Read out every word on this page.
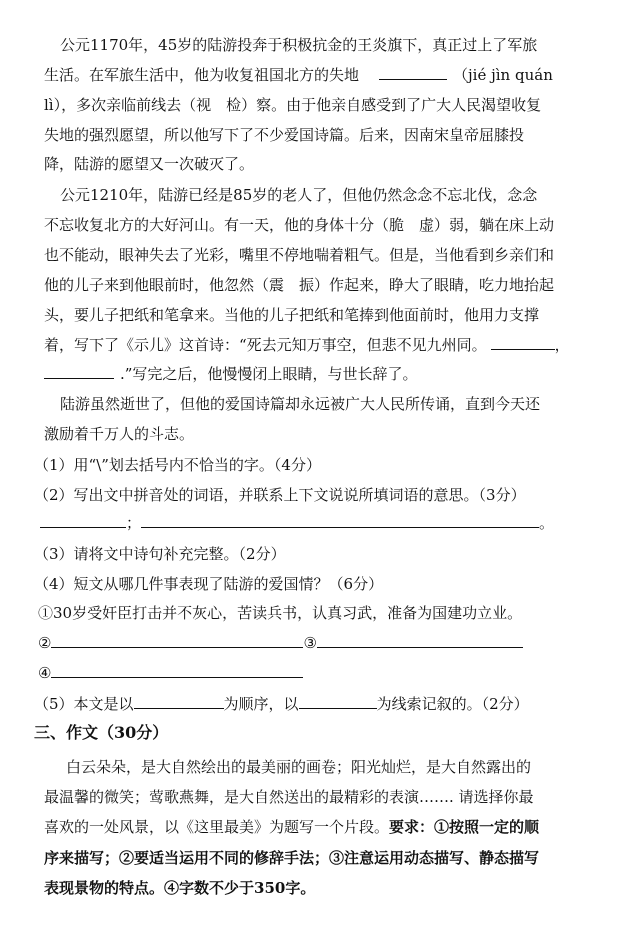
公元1170年，45岁的陆游投奔于积极抗金的王炎旗下，真正过上了军旅
生活。在军旅生活中，他为收复祖国北方的失地	（jié jìn quán
lì），多次亲临前线去（视　检）察。由于他亲自感受到了广大人民渴望收复
失地的强烈愿望，所以他写下了不少爱国诗篇。后来，因南宋皇帝屈膝投
降，陆游的愿望又一次破灭了。
公元1210年，陆游已经是85岁的老人了，但他仍然念念不忘北伐，念念
不忘收复北方的大好河山。有一天，他的身体十分（脆　虚）弱，躺在床上动
也不能动，眼神失去了光彩，嘴里不停地喘着粗气。但是，当他看到乡亲们和
他的儿子来到他眼前时，他忽然（震　振）作起来，睁大了眼睛，吃力地抬起
头，要儿子把纸和笔拿来。当他的儿子把纸和笔捧到他面前时，他用力支撑
着，写下了《示儿》这首诗：“死去元知万事空，但悲不见九州同。	，
.”写完之后，他慢慢闭上眼睛，与世长辞了。
陆游虽然逝世了，但他的爱国诗篇却永远被广大人民所传诵，直到今天还
激励着千万人的斗志。
（1）用“\”划去括号内不恰当的字。（4分）
（2）写出文中拼音处的词语，并联系上下文说说所填词语的意思。（3分）
；	。
（3）请将文中诗句补充完整。（2分）
（4）短文从哪几件事表现了陆游的爱国情？（6分）
①30岁受奸臣打击并不灰心，苦读兵书，认真习武，准备为国建功立业。
②	③
④
（5）本文是以	为顺序，以	为线索记叙的。（2分）
三、作文（30分）
白云朵朵，是大自然绘出的最美丽的画卷；阳光灿烂，是大自然露出的
最温馨的微笑；莺歌燕舞，是大自然送出的最精彩的表演……. 请选择你最
喜欢的一处风景，以《这里最美》为题写一个片段。要求：①按照一定的顺
序来描写；②要适当运用不同的修辞手法；③注意运用动态描写、静态描写
表现景物的特点。④字数不少于350字。
